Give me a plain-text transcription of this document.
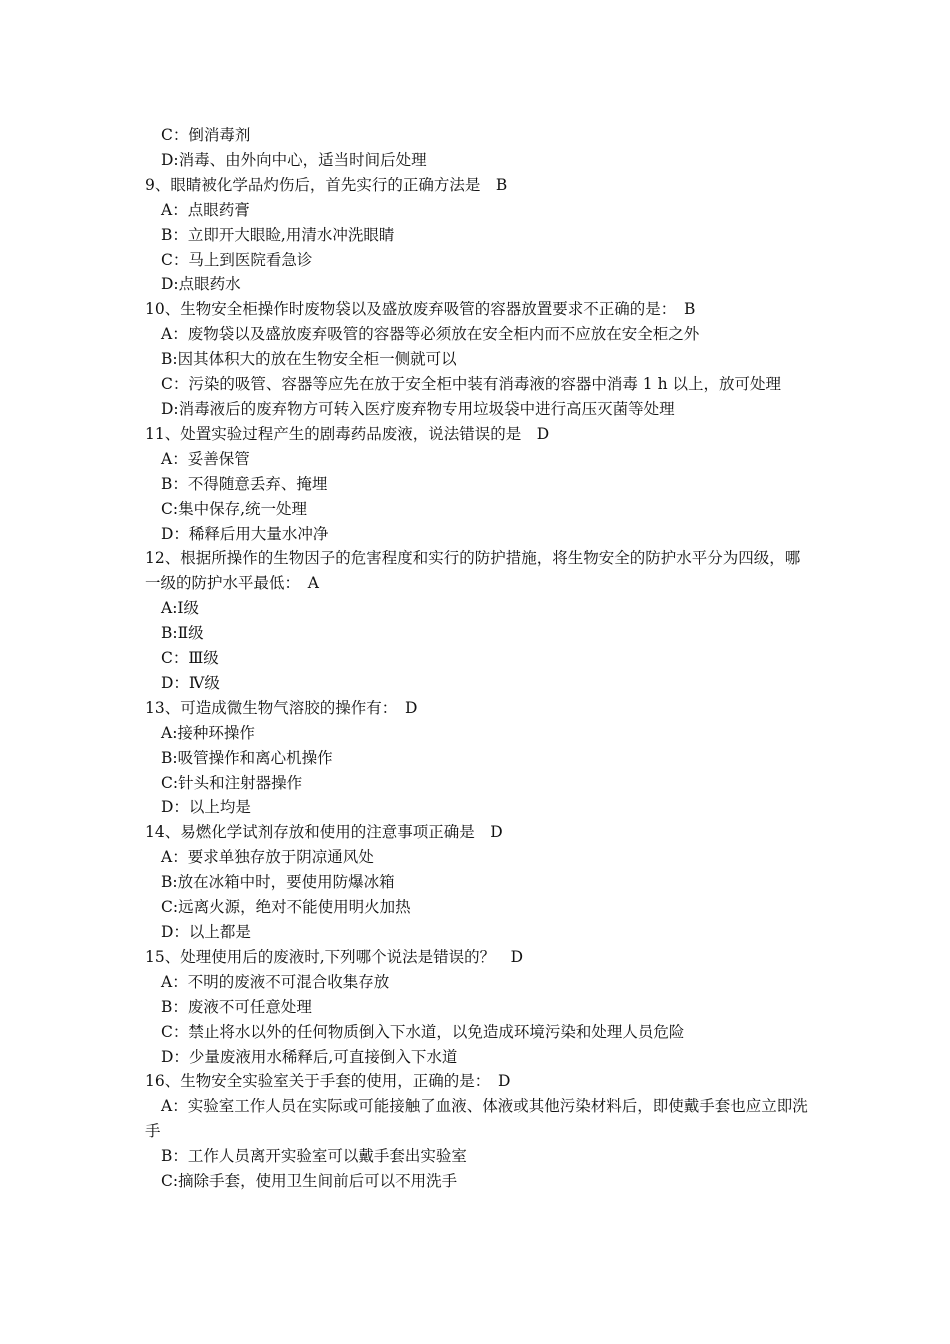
C：倒消毒剂
D:消毒、由外向中心，适当时间后处理
9、眼睛被化学品灼伤后，首先实行的正确方法是　B
A：点眼药膏
B：立即开大眼睑,用清水冲洗眼睛
C：马上到医院看急诊
D:点眼药水
10、生物安全柜操作时废物袋以及盛放废弃吸管的容器放置要求不正确的是：　B
A：废物袋以及盛放废弃吸管的容器等必须放在安全柜内而不应放在安全柜之外
B:因其体积大的放在生物安全柜一侧就可以
C：污染的吸管、容器等应先在放于安全柜中装有消毒液的容器中消毒 1 h 以上，放可处理
D:消毒液后的废弃物方可转入医疗废弃物专用垃圾袋中进行高压灭菌等处理
11、处置实验过程产生的剧毒药品废液，说法错误的是　D
A：妥善保管
B：不得随意丢弃、掩埋
C:集中保存,统一处理
D：稀释后用大量水冲净
12、根据所操作的生物因子的危害程度和实行的防护措施，将生物安全的防护水平分为四级，哪一级的防护水平最低：　A
A:Ⅰ级
B:Ⅱ级
C：Ⅲ级
D：Ⅳ级
13、可造成微生物气溶胶的操作有：　D
A:接种环操作
B:吸管操作和离心机操作
C:针头和注射器操作
D：以上均是
14、易燃化学试剂存放和使用的注意事项正确是　D
A：要求单独存放于阴凉通风处
B:放在冰箱中时，要使用防爆冰箱
C:远离火源，绝对不能使用明火加热
D：以上都是
15、处理使用后的废液时,下列哪个说法是错误的？　D
A：不明的废液不可混合收集存放
B：废液不可任意处理
C：禁止将水以外的任何物质倒入下水道，以免造成环境污染和处理人员危险
D：少量废液用水稀释后,可直接倒入下水道
16、生物安全实验室关于手套的使用，正确的是：　D
A：实验室工作人员在实际或可能接触了血液、体液或其他污染材料后，即使戴手套也应立即洗手
B：工作人员离开实验室可以戴手套出实验室
C:摘除手套，使用卫生间前后可以不用洗手
